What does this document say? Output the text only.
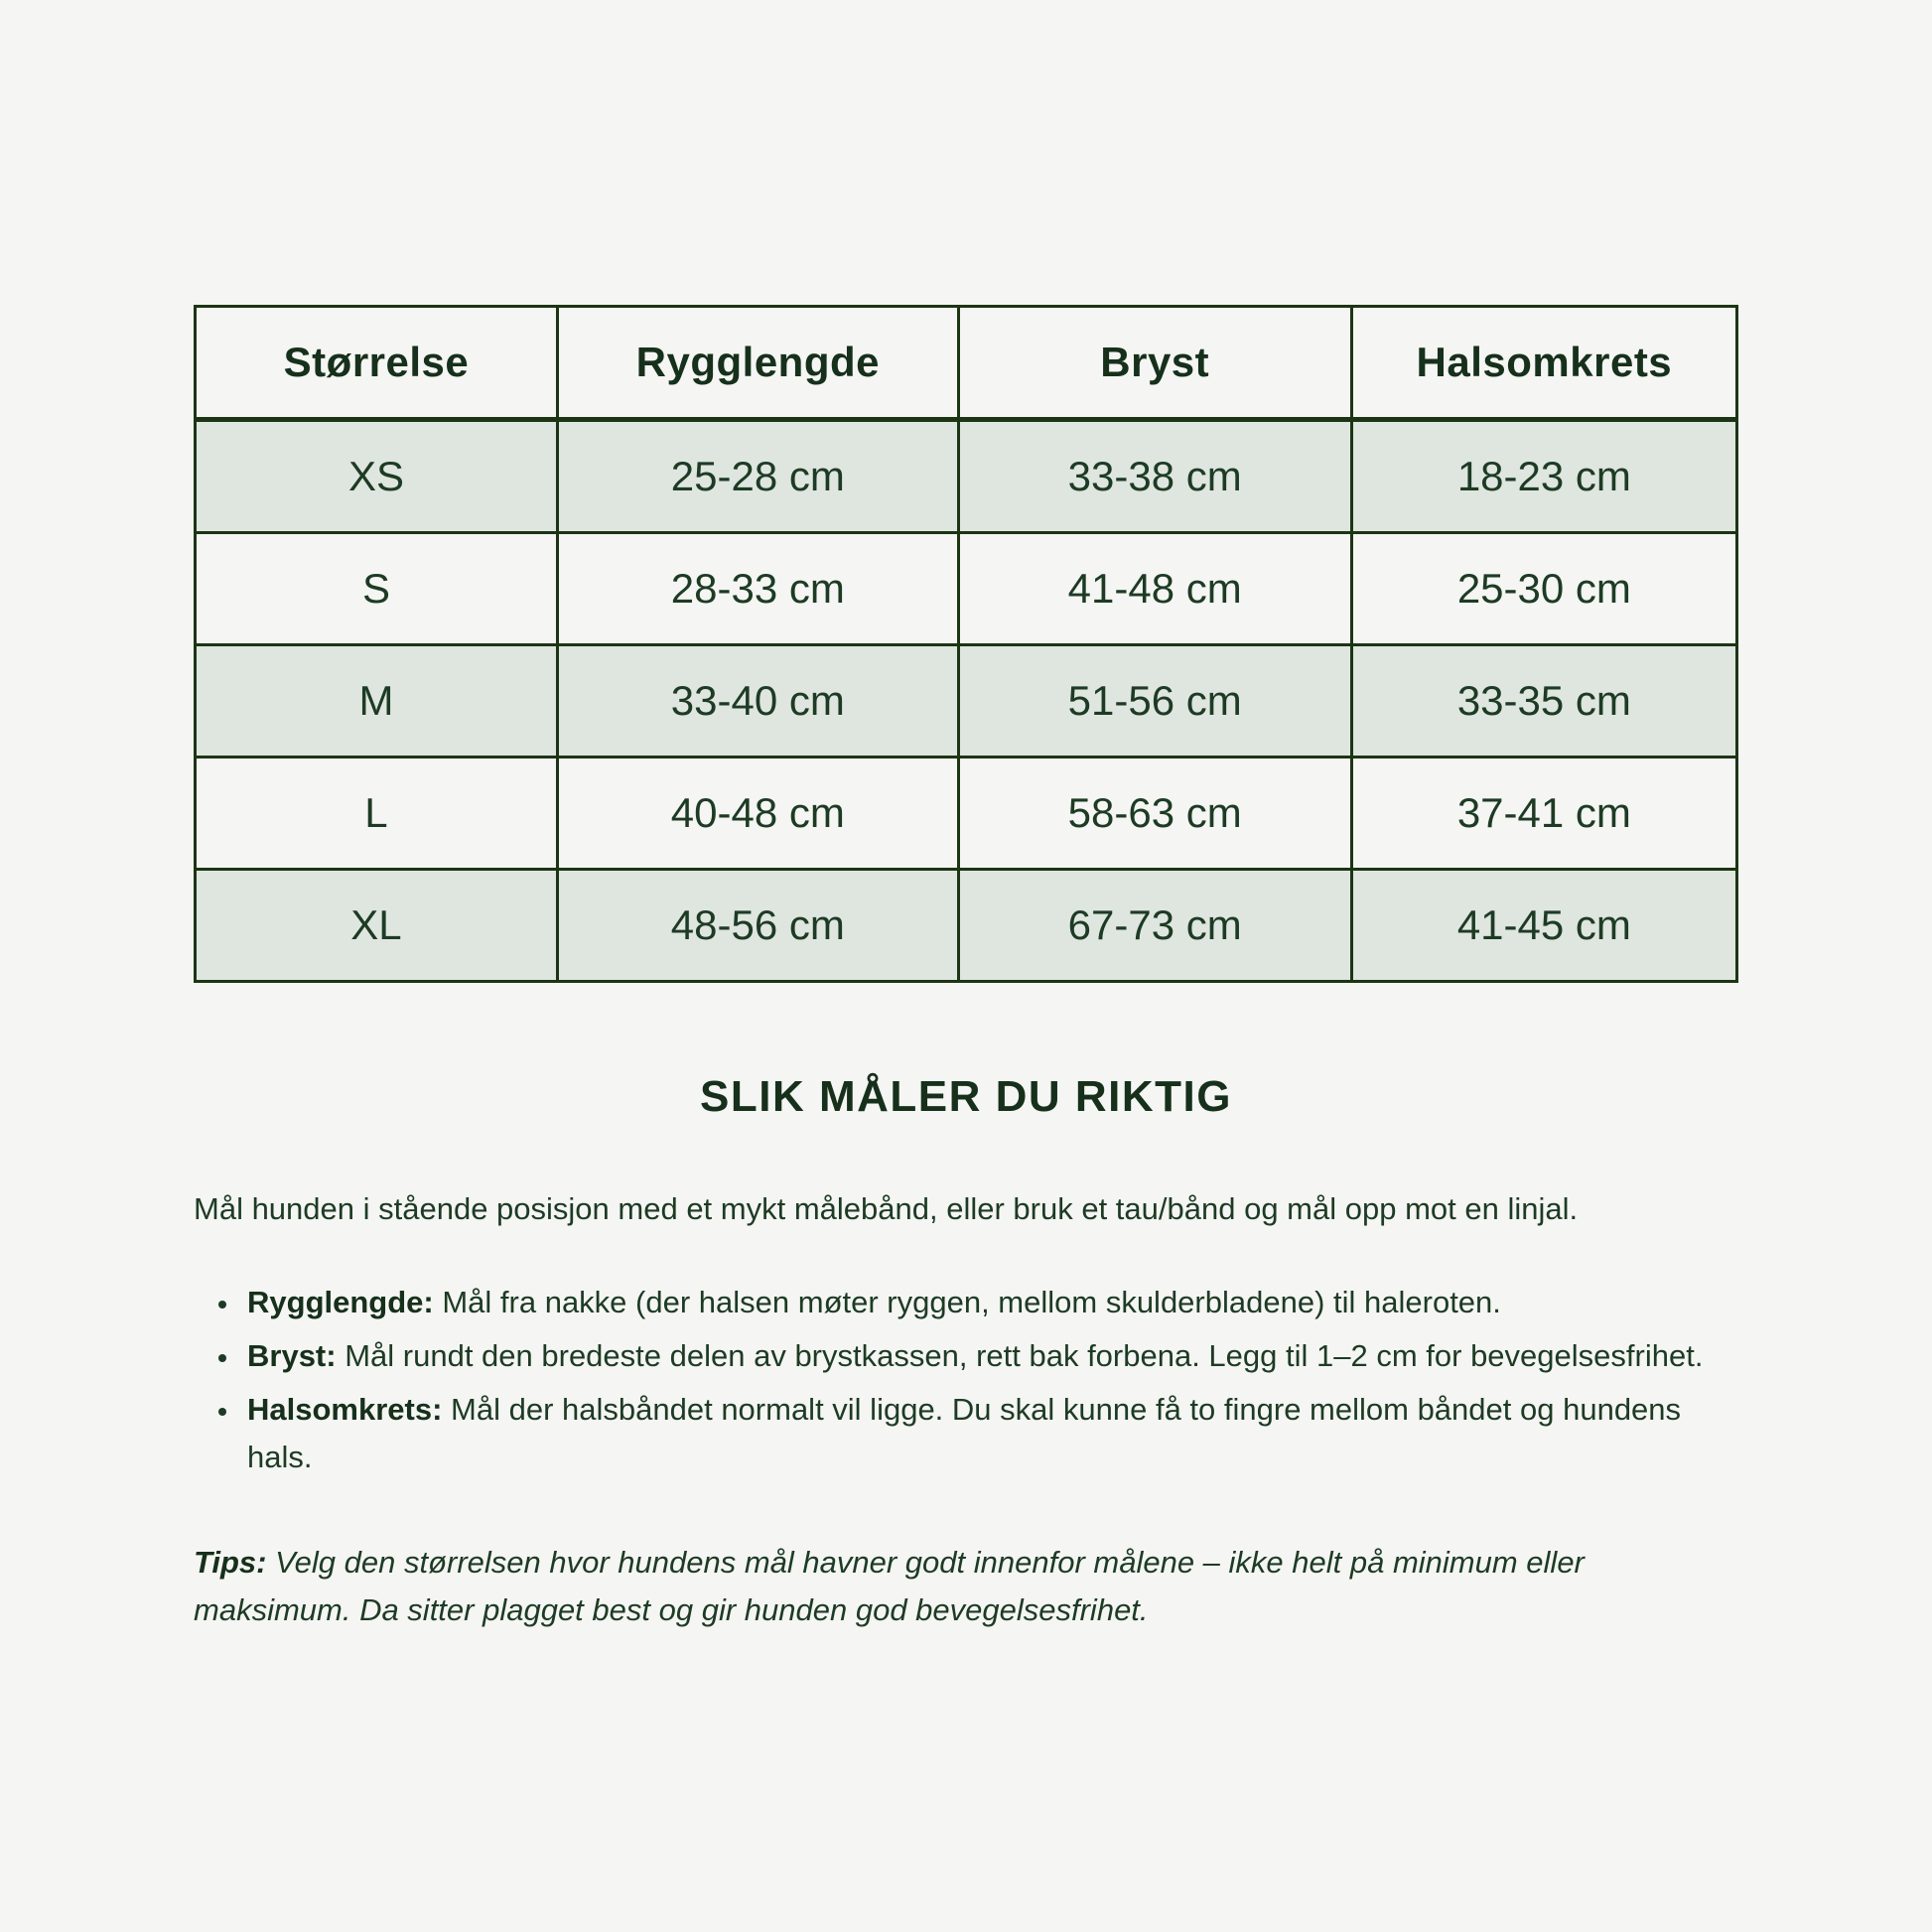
Størrelse	Rygglengde	Bryst	Halsomkrets
XS	25-28 cm	33-38 cm	18-23 cm
S	28-33 cm	41-48 cm	25-30 cm
M	33-40 cm	51-56 cm	33-35 cm
L	40-48 cm	58-63 cm	37-41 cm
XL	48-56 cm	67-73 cm	41-45 cm
SLIK MÅLER DU RIKTIG

Mål hunden i stående posisjon med et mykt målebånd, eller bruk et tau/bånd og mål opp mot en linjal.

• Rygglengde: Mål fra nakke (der halsen møter ryggen, mellom skulderbladene) til haleroten.
• Bryst: Mål rundt den bredeste delen av brystkassen, rett bak forbena. Legg til 1–2 cm for bevegelsesfrihet.
• Halsomkrets: Mål der halsbåndet normalt vil ligge. Du skal kunne få to fingre mellom båndet og hundens hals.

Tips: Velg den størrelsen hvor hundens mål havner godt innenfor målene – ikke helt på minimum eller maksimum. Da sitter plagget best og gir hunden god bevegelsesfrihet.
